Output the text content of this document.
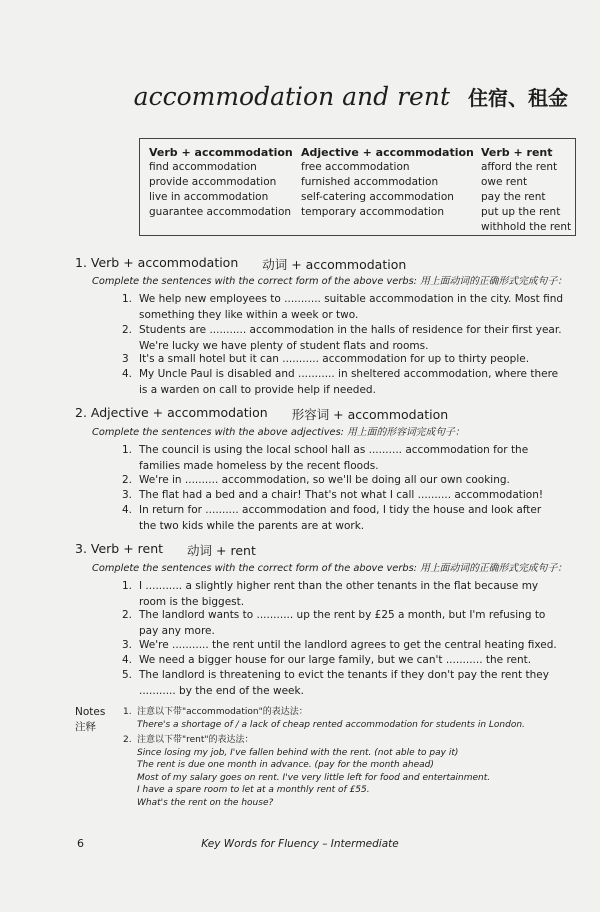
accommodation and rent 住宿、租金
Verb + accommodation
find accommodation
provide accommodation
live in accommodation
guarantee accommodation
Adjective + accommodation
free accommodation
furnished accommodation
self-catering accommodation
temporary accommodation
Verb + rent
afford the rent
owe rent
pay the rent
put up the rent
withhold the rent
1. Verb + accommodation 动词 + accommodation
Complete the sentences with the correct form of the above verbs: 用上面动词的正确形式完成句子：
1. We help new employees to ........... suitable accommodation in the city. Most find
something they like within a week or two.
2. Students are ........... accommodation in the halls of residence for their first year.
We're lucky we have plenty of student flats and rooms.
3 It's a small hotel but it can ........... accommodation for up to thirty people.
4. My Uncle Paul is disabled and ........... in sheltered accommodation, where there
is a warden on call to provide help if needed.
2. Adjective + accommodation 形容词 + accommodation
Complete the sentences with the above adjectives: 用上面的形容词完成句子：
1. The council is using the local school hall as .......... accommodation for the
families made homeless by the recent floods.
2. We're in .......... accommodation, so we'll be doing all our own cooking.
3. The flat had a bed and a chair! That's not what I call .......... accommodation!
4. In return for .......... accommodation and food, I tidy the house and look after
the two kids while the parents are at work.
3. Verb + rent 动词 + rent
Complete the sentences with the correct form of the above verbs: 用上面动词的正确形式完成句子：
1. I ........... a slightly higher rent than the other tenants in the flat because my
room is the biggest.
2. The landlord wants to ........... up the rent by £25 a month, but I'm refusing to
pay any more.
3. We're ........... the rent until the landlord agrees to get the central heating fixed.
4. We need a bigger house for our large family, but we can't ........... the rent.
5. The landlord is threatening to evict the tenants if they don't pay the rent they
........... by the end of the week.
Notes
注释
1. 注意以下带"accommodation"的表达法：
There's a shortage of / a lack of cheap rented accommodation for students in London.
2. 注意以下带"rent"的表达法：
Since losing my job, I've fallen behind with the rent. (not able to pay it)
The rent is due one month in advance. (pay for the month ahead)
Most of my salary goes on rent. I've very little left for food and entertainment.
I have a spare room to let at a monthly rent of £55.
What's the rent on the house?
6	Key Words for Fluency – Intermediate
